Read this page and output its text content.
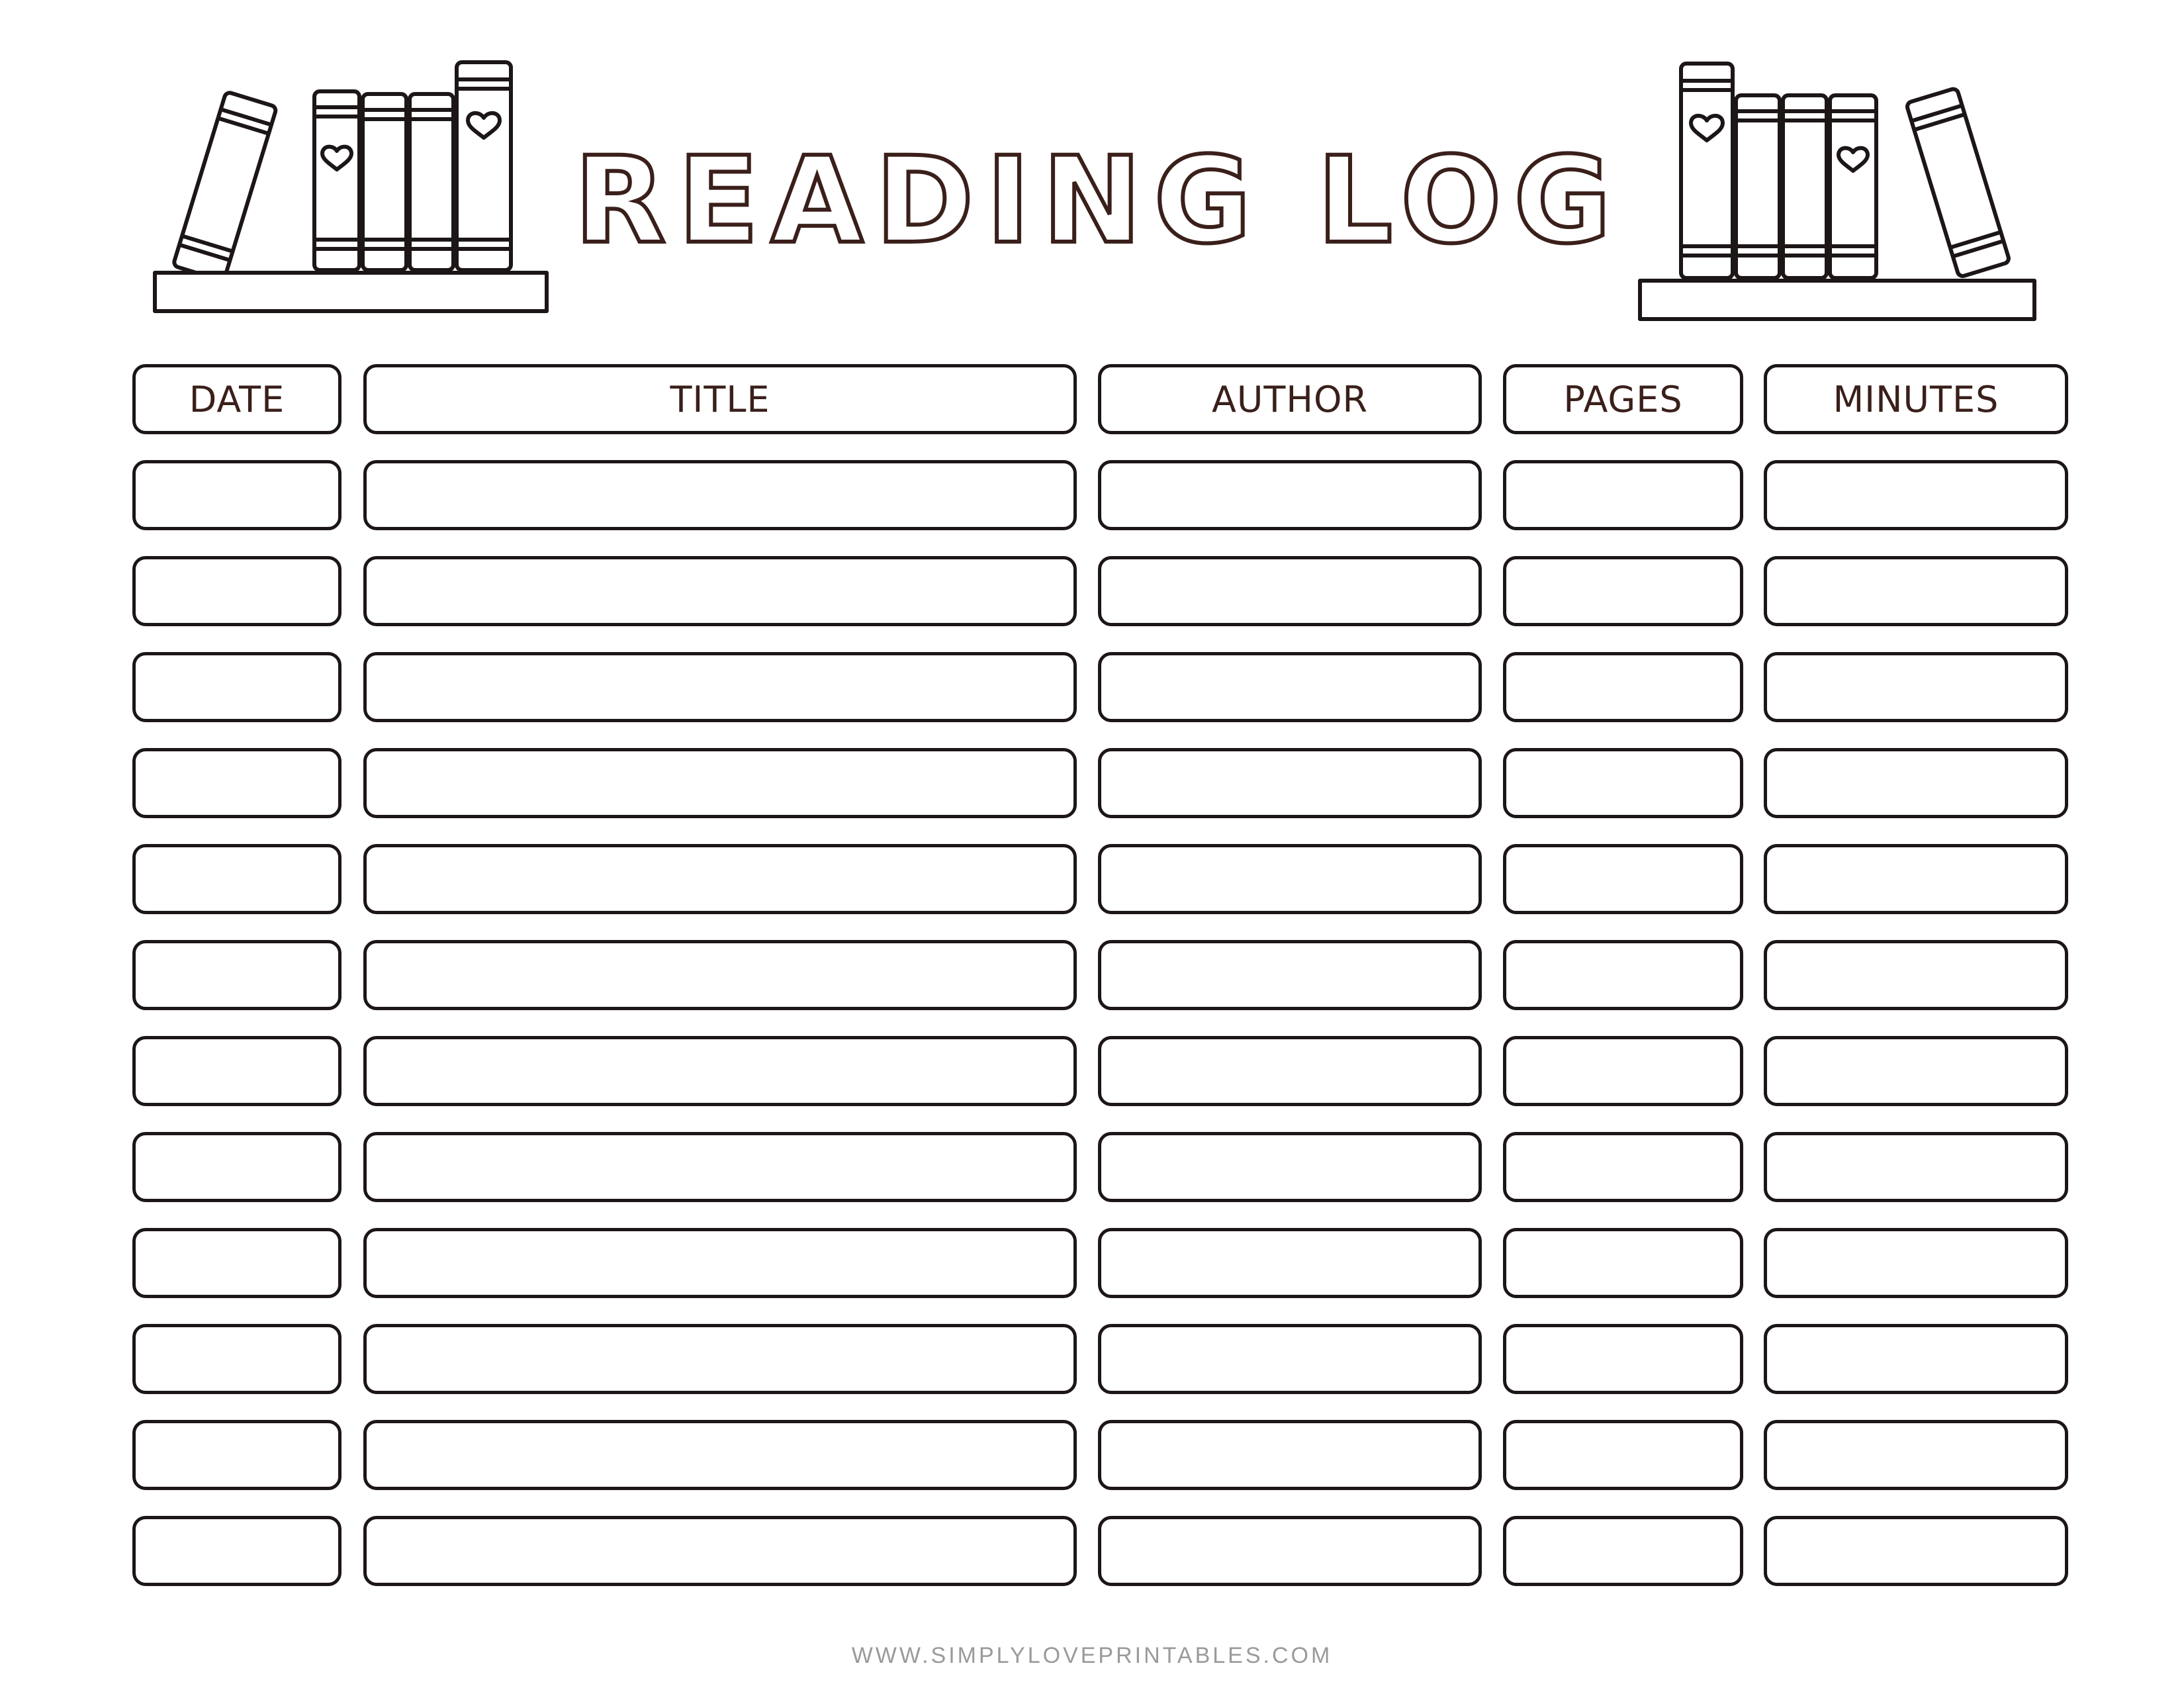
READING LOG
DATE	TITLE	AUTHOR	PAGES	MINUTES
WWW.SIMPLYLOVEPRINTABLES.COM
